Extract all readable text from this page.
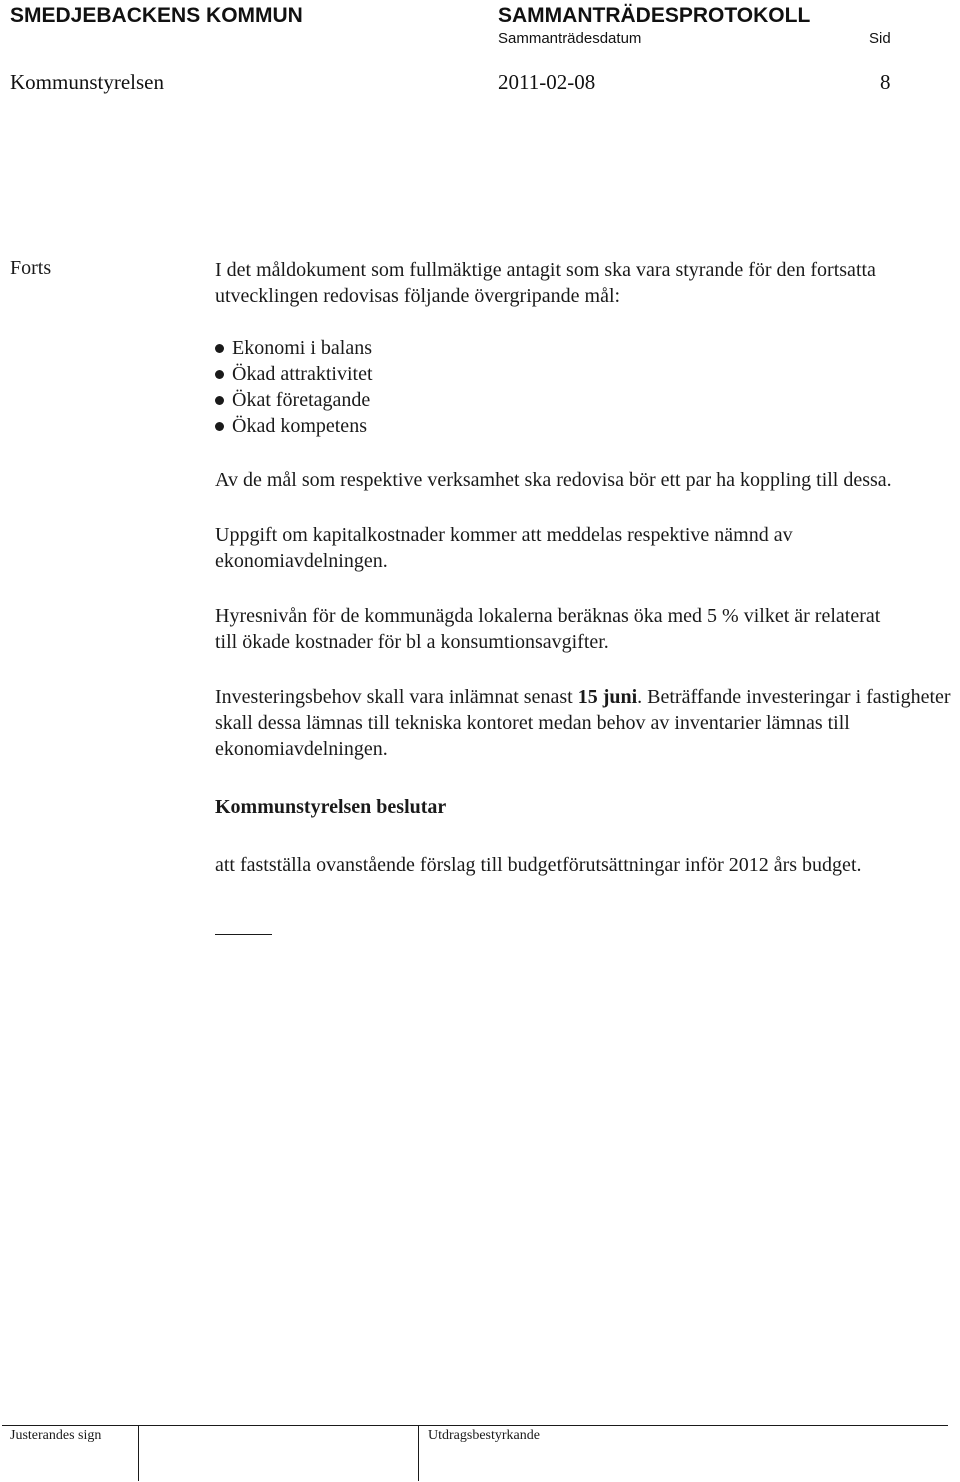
SMEDJEBACKENS KOMMUN	SAMMANTRÄDESPROTOKOLL
Sammanträdesdatum	Sid
Kommunstyrelsen	2011-02-08	8
Forts	I det måldokument som fullmäktige antagit som ska vara styrande för den fortsatta utvecklingen redovisas följande övergripande mål:

Ekonomi i balans
Ökad attraktivitet
Ökat företagande
Ökad kompetens

Av de mål som respektive verksamhet ska redovisa bör ett par ha koppling till dessa.

Uppgift om kapitalkostnader kommer att meddelas respektive nämnd av ekonomiavdelningen.

Hyresnivån för de kommunägda lokalerna beräknas öka med 5 % vilket är relaterat till ökade kostnader för bl a konsumtionsavgifter.

Investeringsbehov skall vara inlämnat senast 15 juni. Beträffande investeringar i fastigheter skall dessa lämnas till tekniska kontoret medan behov av inventarier lämnas till ekonomiavdelningen.

Kommunstyrelsen beslutar

att fastställa ovanstående förslag till budgetförutsättningar inför 2012 års budget.

Justerandes sign	Utdragsbestyrkande
